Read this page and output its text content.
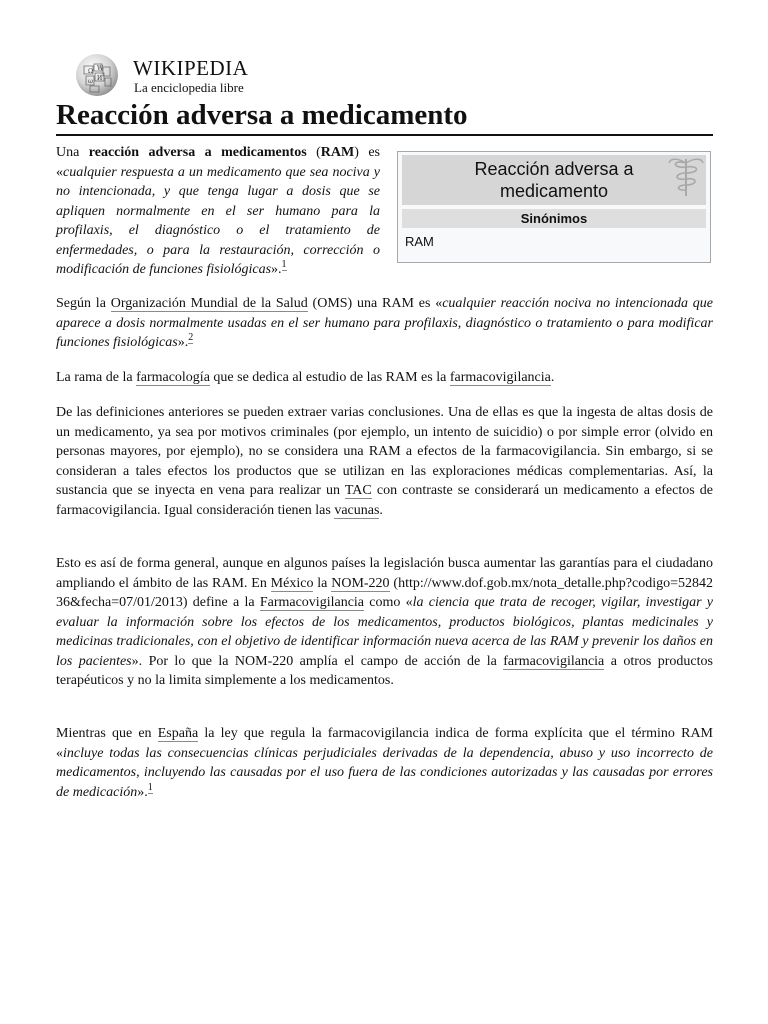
Ω W
И
ω
WIKIPEDIA
La enciclopedia libre
Reacción adversa a medicamento
Reacción adversa a medicamento
Sinónimos
RAM

Una reacción adversa a medicamentos (RAM) es «cualquier respuesta a un medicamento que sea nociva y no intencionada, y que tenga lugar a dosis que se apliquen normalmente en el ser humano para la profilaxis, el diagnóstico o el tratamiento de enfermedades, o para la restauración, corrección o modificación de funciones fisiológicas».$^1$

Según la Organización Mundial de la Salud (OMS) una RAM es «cualquier reacción nociva no intencionada que aparece a dosis normalmente usadas en el ser humano para profilaxis, diagnóstico o tratamiento o para modificar funciones fisiológicas».$^2$

La rama de la farmacología que se dedica al estudio de las RAM es la farmacovigilancia.

De las definiciones anteriores se pueden extraer varias conclusiones. Una de ellas es que la ingesta de altas dosis de un medicamento, ya sea por motivos criminales (por ejemplo, un intento de suicidio) o por simple error (olvido en personas mayores, por ejemplo), no se considera una RAM a efectos de la farmacovigilancia. Sin embargo, si se consideran a tales efectos los productos que se utilizan en las exploraciones médicas complementarias. Así, la sustancia que se inyecta en vena para realizar un TAC con contraste se considerará un medicamento a efectos de farmacovigilancia. Igual consideración tienen las vacunas.

Esto es así de forma general, aunque en algunos países la legislación busca aumentar las garantías para el ciudadano ampliando el ámbito de las RAM. En México la NOM-220 (http://www.dof.gob.mx/nota_detalle.php?codigo=5284236&fecha=07/01/2013) define a la Farmacovigilancia como «la ciencia que trata de recoger, vigilar, investigar y evaluar la información sobre los efectos de los medicamentos, productos biológicos, plantas medicinales y medicinas tradicionales, con el objetivo de identificar información nueva acerca de las RAM y prevenir los daños en los pacientes». Por lo que la NOM-220 amplía el campo de acción de la farmacovigilancia a otros productos terapéuticos y no la limita simplemente a los medicamentos.

Mientras que en España la ley que regula la farmacovigilancia indica de forma explícita que el término RAM «incluye todas las consecuencias clínicas perjudiciales derivadas de la dependencia, abuso y uso incorrecto de medicamentos, incluyendo las causadas por el uso fuera de las condiciones autorizadas y las causadas por errores de medicación».$^1$
